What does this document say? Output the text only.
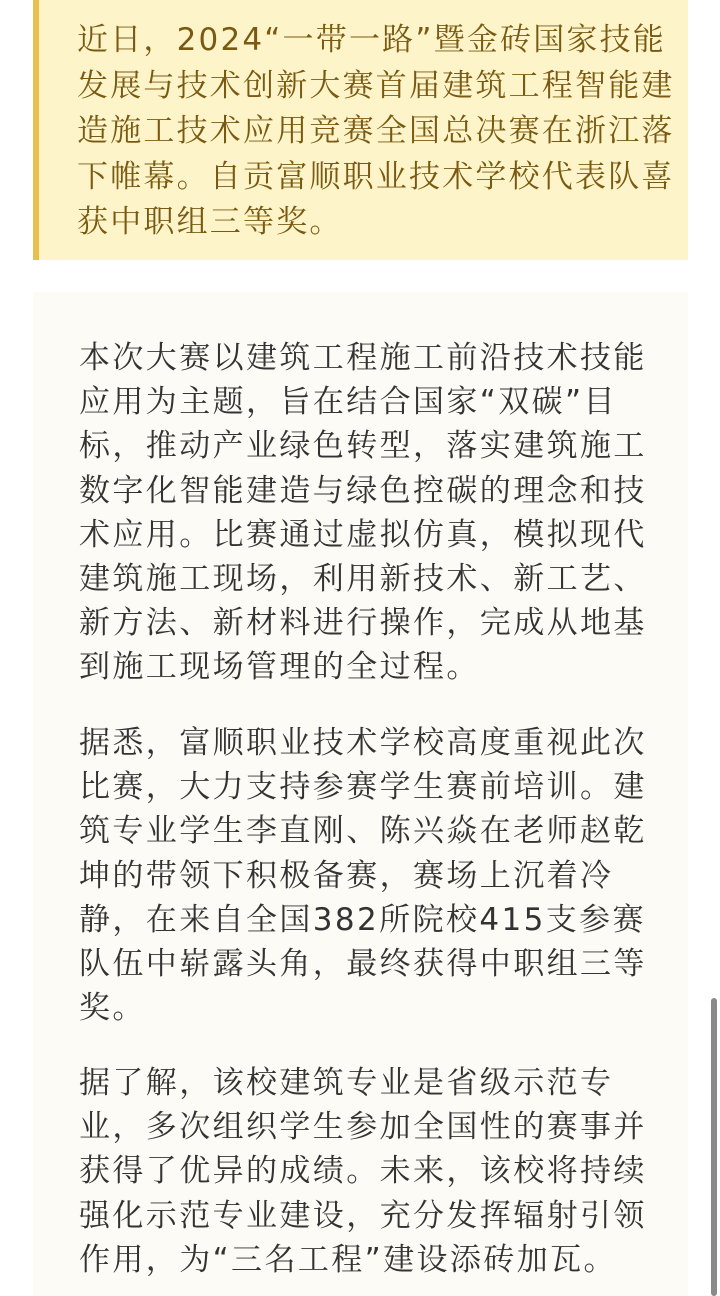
近日，2024“一带一路”暨金砖国家技能发展与技术创新大赛首届建筑工程智能建造施工技术应用竞赛全国总决赛在浙江落下帷幕。自贡富顺职业技术学校代表队喜获中职组三等奖。

本次大赛以建筑工程施工前沿技术技能应用为主题，旨在结合国家“双碳”目标，推动产业绿色转型，落实建筑施工数字化智能建造与绿色控碳的理念和技术应用。比赛通过虚拟仿真，模拟现代建筑施工现场，利用新技术、新工艺、新方法、新材料进行操作，完成从地基到施工现场管理的全过程。

据悉，富顺职业技术学校高度重视此次比赛，大力支持参赛学生赛前培训。建筑专业学生李直刚、陈兴焱在老师赵乾坤的带领下积极备赛，赛场上沉着冷静，在来自全国382所院校415支参赛队伍中崭露头角，最终获得中职组三等奖。

据了解，该校建筑专业是省级示范专业，多次组织学生参加全国性的赛事并获得了优异的成绩。未来，该校将持续强化示范专业建设，充分发挥辐射引领作用，为“三名工程”建设添砖加瓦。
